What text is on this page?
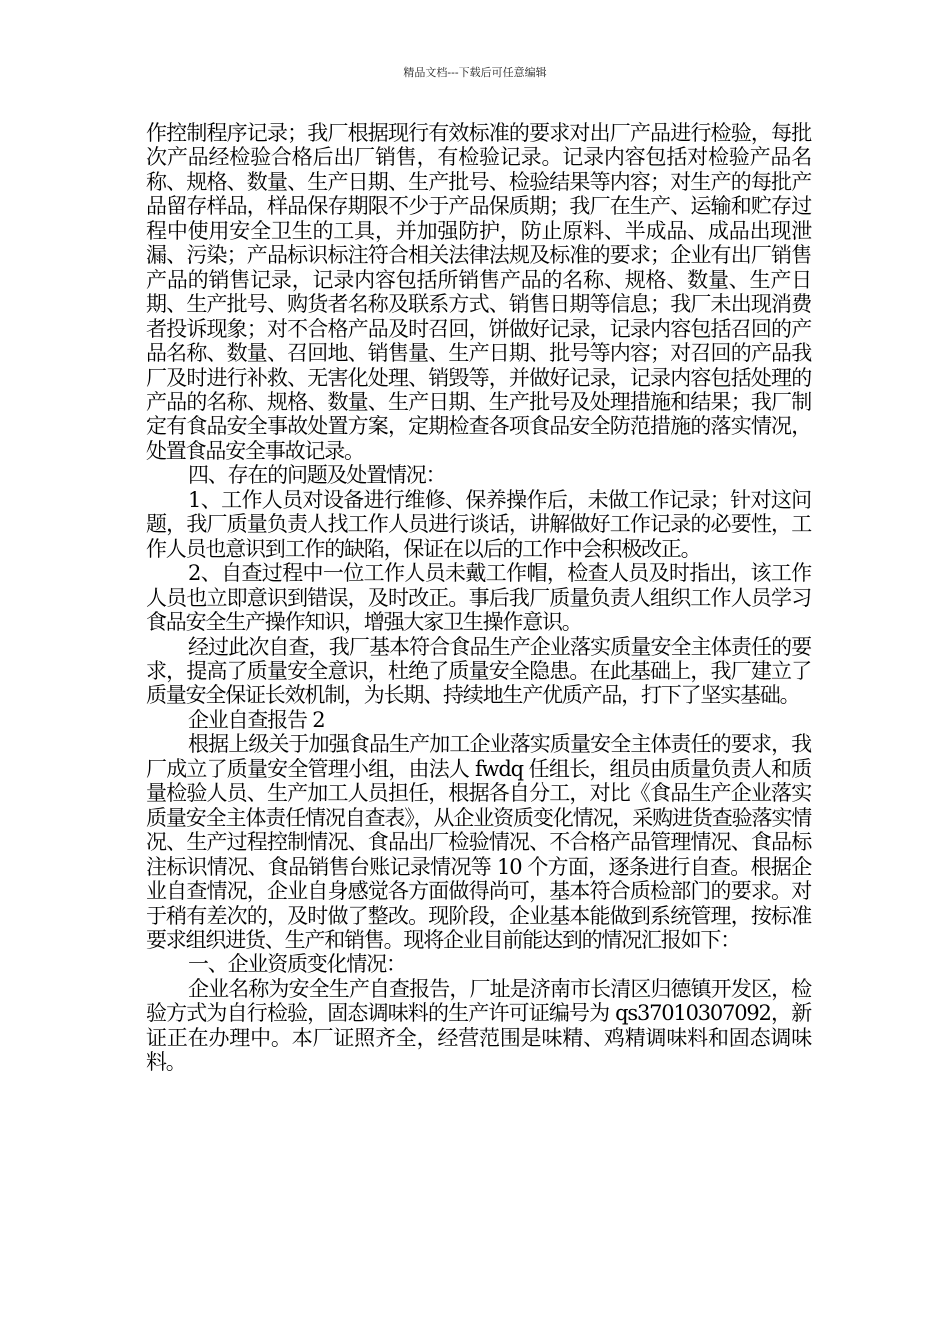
精品文档---下载后可任意编辑

作控制程序记录；我厂根据现行有效标准的要求对出厂产品进行检验，每批次产品经检验合格后出厂销售，有检验记录。记录内容包括对检验产品名称、规格、数量、生产日期、生产批号、检验结果等内容；对生产的每批产品留存样品，样品保存期限不少于产品保质期；我厂在生产、运输和贮存过程中使用安全卫生的工具，并加强防护，防止原料、半成品、成品出现泄漏、污染；产品标识标注符合相关法律法规及标准的要求；企业有出厂销售产品的销售记录，记录内容包括所销售产品的名称、规格、数量、生产日期、生产批号、购货者名称及联系方式、销售日期等信息；我厂未出现消费者投诉现象；对不合格产品及时召回，饼做好记录，记录内容包括召回的产品名称、数量、召回地、销售量、生产日期、批号等内容；对召回的产品我厂及时进行补救、无害化处理、销毁等，并做好记录，记录内容包括处理的产品的名称、规格、数量、生产日期、生产批号及处理措施和结果；我厂制定有食品安全事故处置方案，定期检查各项食品安全防范措施的落实情况，处置食品安全事故记录。

四、存在的问题及处置情况：

1、工作人员对设备进行维修、保养操作后，未做工作记录；针对这问题，我厂质量负责人找工作人员进行谈话，讲解做好工作记录的必要性，工作人员也意识到工作的缺陷，保证在以后的工作中会积极改正。

2、自查过程中一位工作人员未戴工作帽，检查人员及时指出，该工作人员也立即意识到错误，及时改正。事后我厂质量负责人组织工作人员学习食品安全生产操作知识，增强大家卫生操作意识。

经过此次自查，我厂基本符合食品生产企业落实质量安全主体责任的要求，提高了质量安全意识，杜绝了质量安全隐患。在此基础上，我厂建立了质量安全保证长效机制，为长期、持续地生产优质产品，打下了坚实基础。

企业自查报告 2

根据上级关于加强食品生产加工企业落实质量安全主体责任的要求，我厂成立了质量安全管理小组，由法人 fwdq 任组长，组员由质量负责人和质量检验人员、生产加工人员担任，根据各自分工，对比《食品生产企业落实质量安全主体责任情况自查表》，从企业资质变化情况，采购进货查验落实情况、生产过程控制情况、食品出厂检验情况、不合格产品管理情况、食品标注标识情况、食品销售台账记录情况等 10 个方面，逐条进行自查。根据企业自查情况，企业自身感觉各方面做得尚可，基本符合质检部门的要求。对于稍有差次的，及时做了整改。现阶段，企业基本能做到系统管理，按标准要求组织进货、生产和销售。现将企业目前能达到的情况汇报如下：

一、企业资质变化情况：

企业名称为安全生产自查报告，厂址是济南市长清区归德镇开发区，检验方式为自行检验，固态调味料的生产许可证编号为 qs37010307092，新证正在办理中。本厂证照齐全，经营范围是味精、鸡精调味料和固态调味料。
